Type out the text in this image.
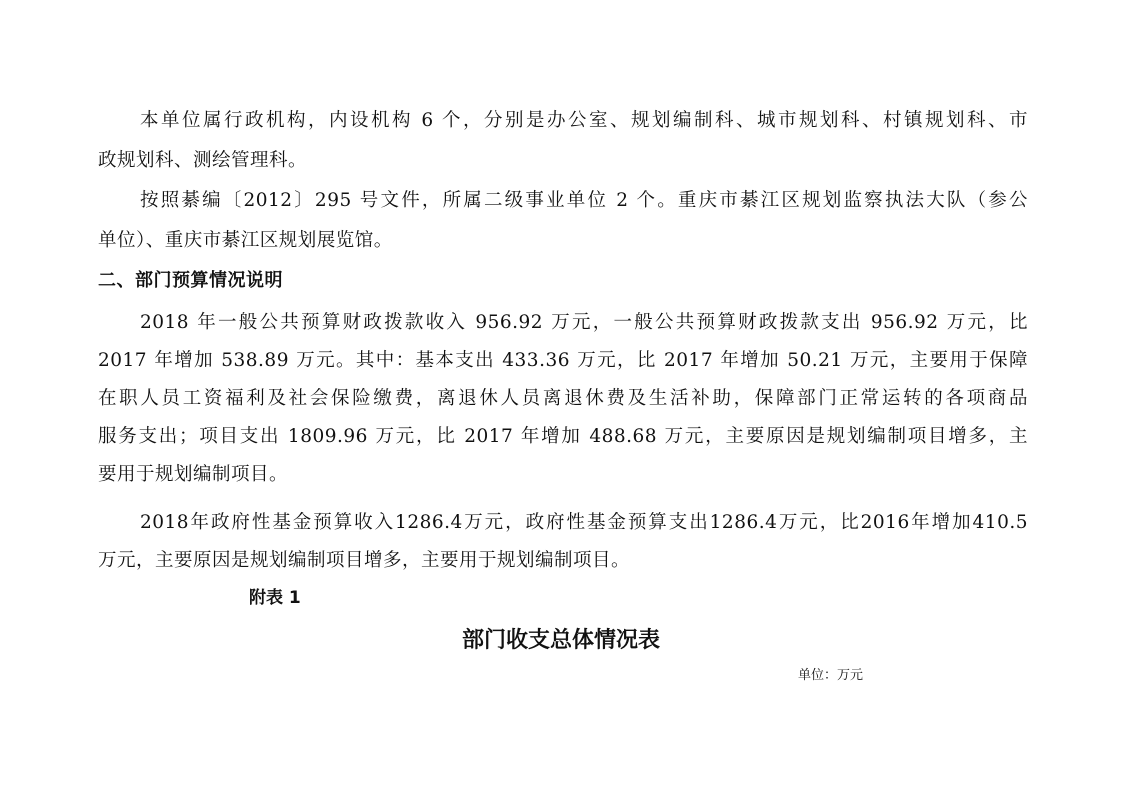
本单位属行政机构，内设机构 6 个，分别是办公室、规划编制科、城市规划科、村镇规划科、市
政规划科、测绘管理科。
按照綦编〔2012〕295 号文件，所属二级事业单位 2 个。重庆市綦江区规划监察执法大队（参公
单位）、重庆市綦江区规划展览馆。
二、部门预算情况说明
2018 年一般公共预算财政拨款收入 956.92 万元，一般公共预算财政拨款支出 956.92 万元，比
2017 年增加 538.89 万元。其中：基本支出 433.36 万元，比 2017 年增加 50.21 万元，主要用于保障
在职人员工资福利及社会保险缴费，离退休人员离退休费及生活补助，保障部门正常运转的各项商品
服务支出；项目支出 1809.96 万元，比 2017 年增加 488.68 万元，主要原因是规划编制项目增多，主
要用于规划编制项目。
2018年政府性基金预算收入1286.4万元，政府性基金预算支出1286.4万元，比2016年增加410.5
万元，主要原因是规划编制项目增多，主要用于规划编制项目。
附表 1
部门收支总体情况表
单位：万元
